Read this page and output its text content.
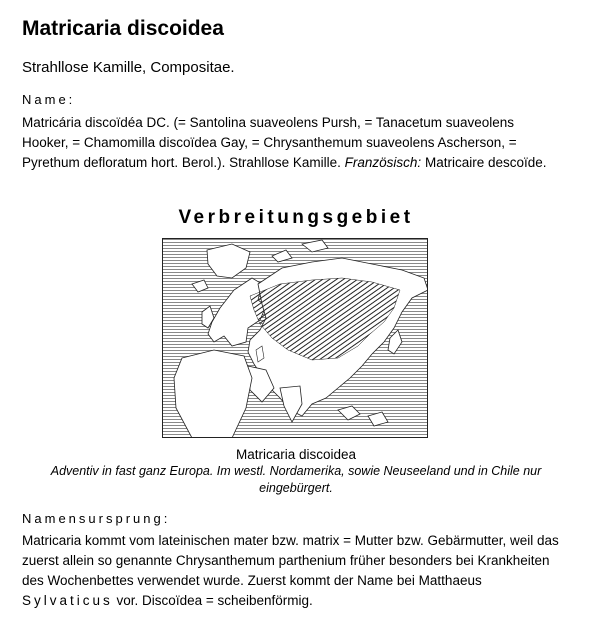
Matricaria discoidea
Strahllose Kamille, Compositae.
Name:
Matricária discoïdéa DC. (= Santolina suaveolens Pursh, = Tanacetum suaveolens Hooker, = Chamomilla discoïdea Gay, = Chrysanthemum suaveolens Ascherson, = Pyrethum defloratum hort. Berol.). Strahllose Kamille. Französisch: Matricaire descoïde.
Verbreitungsgebiet
Matricaria discoidea
Adventiv in fast ganz Europa. Im westl. Nordamerika, sowie Neuseeland und in Chile nur eingebürgert.
Namensursprung:
Matricaria kommt vom lateinischen mater bzw. matrix = Mutter bzw. Gebärmutter, weil das zuerst allein so genannte Chrysanthemum parthenium früher besonders bei Krankheiten des Wochenbettes verwendet wurde. Zuerst kommt der Name bei Matthaeus Sylvaticus vor. Discoïdea = scheibenförmig.
